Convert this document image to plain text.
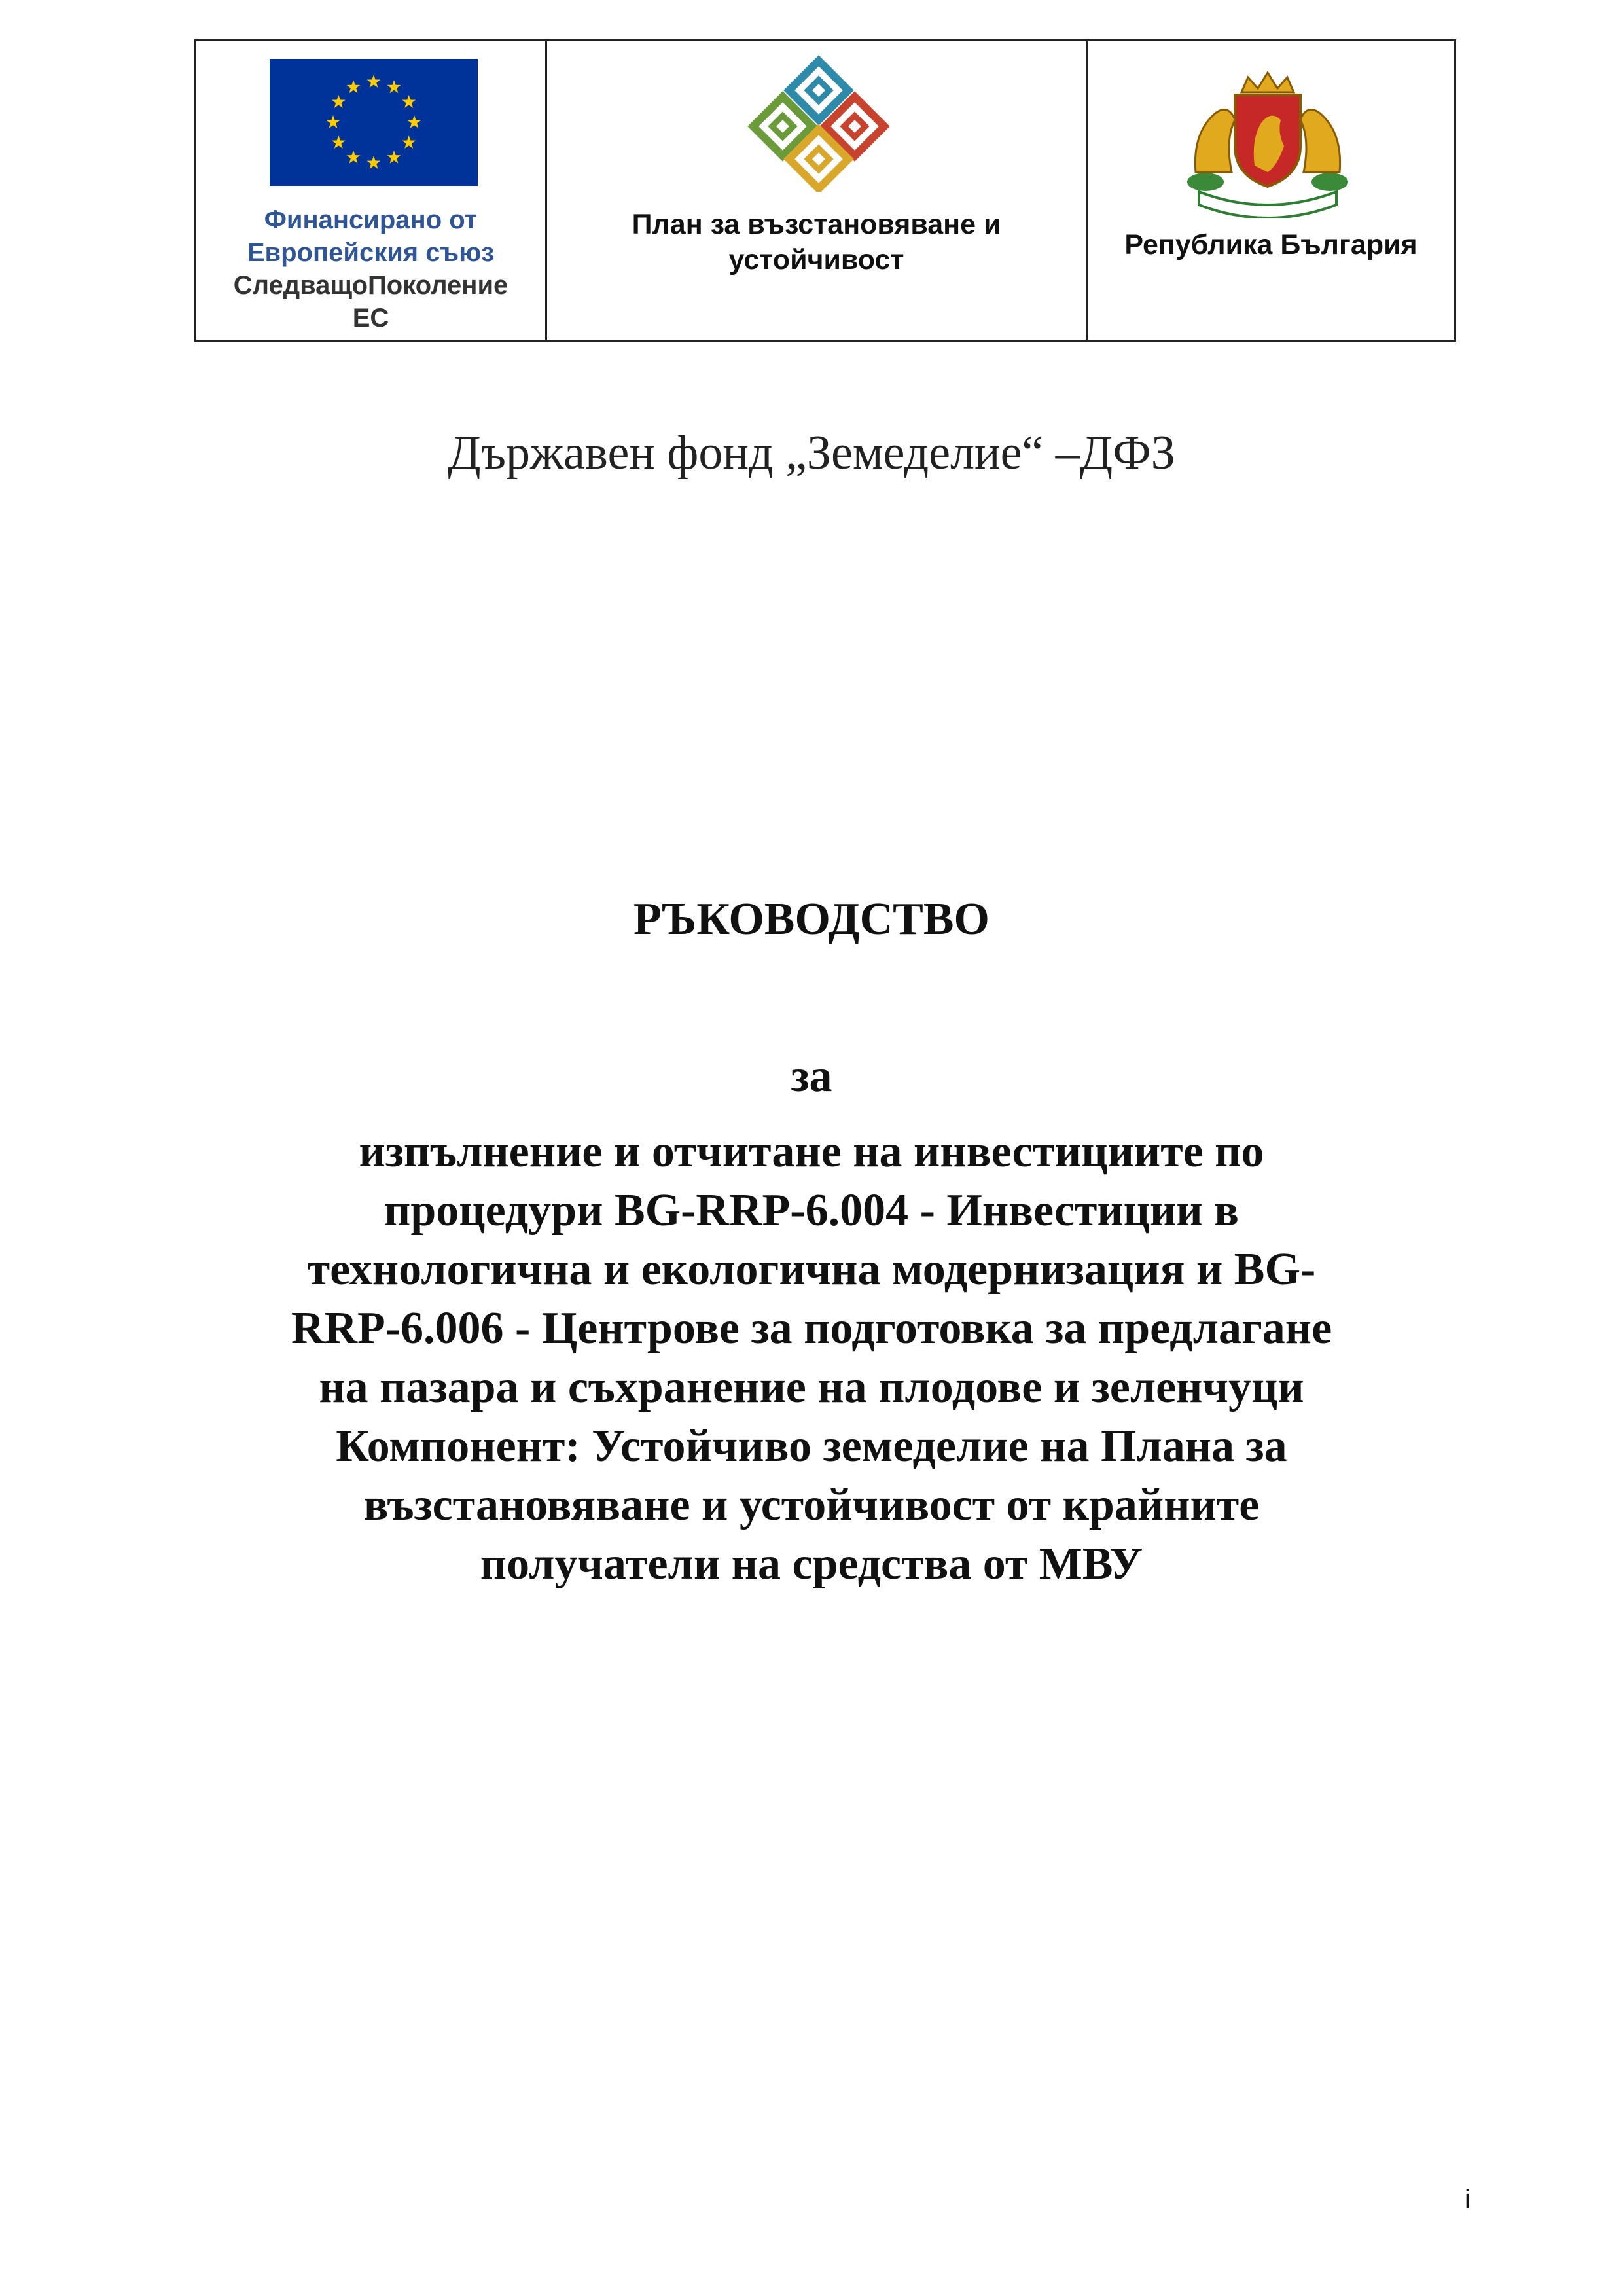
Финансирано от
Европейския съюз
СледващоПоколение
ЕС
План за възстановяване и
устойчивост	Република България
Държавен фонд „Земеделие“ –ДФЗ
РЪКОВОДСТВО
за
изпълнение и отчитане на инвестициите по
процедури BG-RRP-6.004 - Инвестиции в
технологична и екологична модернизация и BG-
RRP-6.006 - Центрове за подготовка за предлагане
на пазара и съхранение на плодове и зеленчуци
Компонент: Устойчиво земеделие на Плана за
възстановяване и устойчивост от крайните
получатели на средства от МВУ
i
